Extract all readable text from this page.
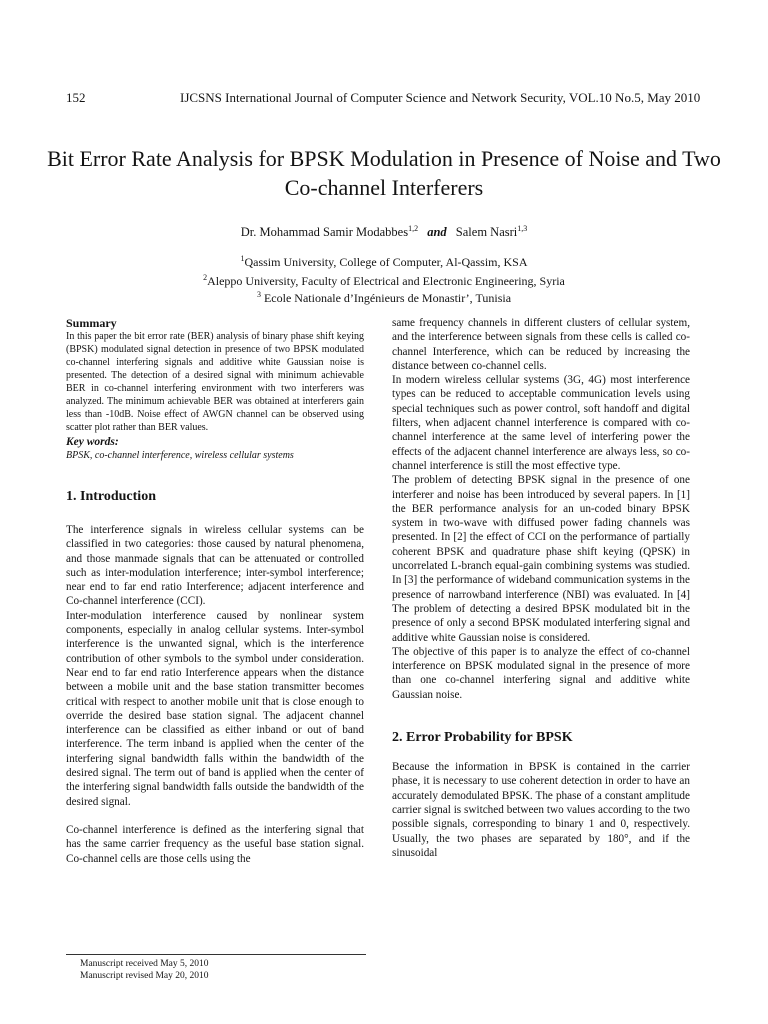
152	IJCSNS International Journal of Computer Science and Network Security, VOL.10 No.5, May 2010
Bit Error Rate Analysis for BPSK Modulation in Presence of Noise and Two Co-channel Interferers
Dr. Mohammad Samir Modabbes$^{1,2}$ and Salem Nasri$^{1,3}$
$^1$Qassim University, College of Computer, Al-Qassim, KSA
$^2$Aleppo University, Faculty of Electrical and Electronic Engineering, Syria
$^3$ Ecole Nationale d’Ingénieurs de Monastir’, Tunisia
Summary

In this paper the bit error rate (BER) analysis of binary phase shift keying (BPSK) modulated signal detection in presence of two BPSK modulated co-channel interfering signals and additive white Gaussian noise is presented. The detection of a desired signal with minimum achievable BER in co-channel interfering environment with two interferers was analyzed. The minimum achievable BER was obtained at interferers gain less than -10dB. Noise effect of AWGN channel can be observed using scatter plot rather than BER values.

Key words:
BPSK, co-channel interference, wireless cellular systems
1. Introduction

The interference signals in wireless cellular systems can be classified in two categories: those caused by natural phenomena, and those manmade signals that can be attenuated or controlled such as inter-modulation interference; inter-symbol interference; near end to far end ratio Interference; adjacent interference and Co-channel interference (CCI).

Inter-modulation interference caused by nonlinear system components, especially in analog cellular systems. Inter-symbol interference is the unwanted signal, which is the interference contribution of other symbols to the symbol under consideration. Near end to far end ratio Interference appears when the distance between a mobile unit and the base station transmitter becomes critical with respect to another mobile unit that is close enough to override the desired base station signal. The adjacent channel interference can be classified as either inband or out of band interference. The term inband is applied when the center of the interfering signal bandwidth falls within the bandwidth of the desired signal. The term out of band is applied when the center of the interfering signal bandwidth falls outside the bandwidth of the desired signal.

Co-channel interference is defined as the interfering signal that has the same carrier frequency as the useful base station signal. Co-channel cells are those cells using the

same frequency channels in different clusters of cellular system, and the interference between signals from these cells is called co-channel Interference, which can be reduced by increasing the distance between co-channel cells.

In modern wireless cellular systems (3G, 4G) most interference types can be reduced to acceptable communication levels using special techniques such as power control, soft handoff and digital filters, when adjacent channel interference is compared with co-channel interference at the same level of interfering power the effects of the adjacent channel interference are always less, so co-channel interference is still the most effective type.

The problem of detecting BPSK signal in the presence of one interferer and noise has been introduced by several papers. In [1] the BER performance analysis for an un-coded binary BPSK system in two-wave with diffused power fading channels was presented. In [2] the effect of CCI on the performance of partially coherent BPSK and quadrature phase shift keying (QPSK) in uncorrelated L-branch equal-gain combining systems was studied. In [3] the performance of wideband communication systems in the presence of narrowband interference (NBI) was evaluated. In [4] The problem of detecting a desired BPSK modulated bit in the presence of only a second BPSK modulated interfering signal and additive white Gaussian noise is considered.

The objective of this paper is to analyze the effect of co-channel interference on BPSK modulated signal in the presence of more than one co-channel interfering signal and additive white Gaussian noise.

2. Error Probability for BPSK

Because the information in BPSK is contained in the carrier phase, it is necessary to use coherent detection in order to have an accurately demodulated BPSK. The phase of a constant amplitude carrier signal is switched between two values according to the two possible signals, corresponding to binary 1 and 0, respectively. Usually, the two phases are separated by 180°, and if the sinusoidal

Manuscript received May 5, 2010
Manuscript revised May 20, 2010
